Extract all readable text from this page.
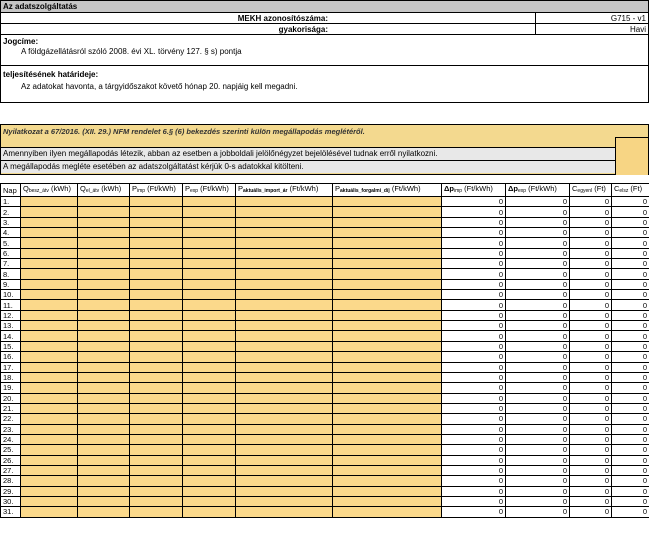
Az adatszolgáltatás
MEKH azonosítószáma:	G715 - v1
gyakorisága:	Havi
Jogcíme:
A földgázellátásról szóló 2008. évi XL. törvény 127. § s) pontja
teljesítésének határideje:
Az adatokat havonta, a tárgyidőszakot követő hónap 20. napjáig kell megadni.
Nyilatkozat a 67/2016. (XII. 29.) NFM rendelet 6.§ (6) bekezdés szerinti külön megállapodás meglétéről.
Amennyiben ilyen megállapodás létezik, abban az esetben a jobboldali jelölőnégyzet bejelölésével tudnak erről nyilatkozni.
A megállapodás megléte esetében az adatszolgáltatást kérjük 0-s adatokkal kitölteni.
Nap	$Q_{besz\_átv}$ (kWh)	$Q_{el\_átv}$ (kWh)	$P_{imp}$ (Ft/kWh)	$P_{exp}$ (Ft/kWh)	$P_{aktuális\_import\_ár}$ (Ft/kWh)	$P_{aktuális\_forgalmi\_díj}$ (Ft/kWh)	$\Delta p_{imp}$ (Ft/kWh)	$\Delta p_{exp}$ (Ft/kWh)	$C_{egyenl}$ (Ft)	$C_{elsz}$ (Ft)
1.							0	0	0	0
2.							0	0	0	0
3.							0	0	0	0
4.							0	0	0	0
5.							0	0	0	0
6.							0	0	0	0
7.							0	0	0	0
8.							0	0	0	0
9.							0	0	0	0
10.							0	0	0	0
11.							0	0	0	0
12.							0	0	0	0
13.							0	0	0	0
14.							0	0	0	0
15.							0	0	0	0
16.							0	0	0	0
17.							0	0	0	0
18.							0	0	0	0
19.							0	0	0	0
20.							0	0	0	0
21.							0	0	0	0
22.							0	0	0	0
23.							0	0	0	0
24.							0	0	0	0
25.							0	0	0	0
26.							0	0	0	0
27.							0	0	0	0
28.							0	0	0	0
29.							0	0	0	0
30.							0	0	0	0
31.							0	0	0	0
